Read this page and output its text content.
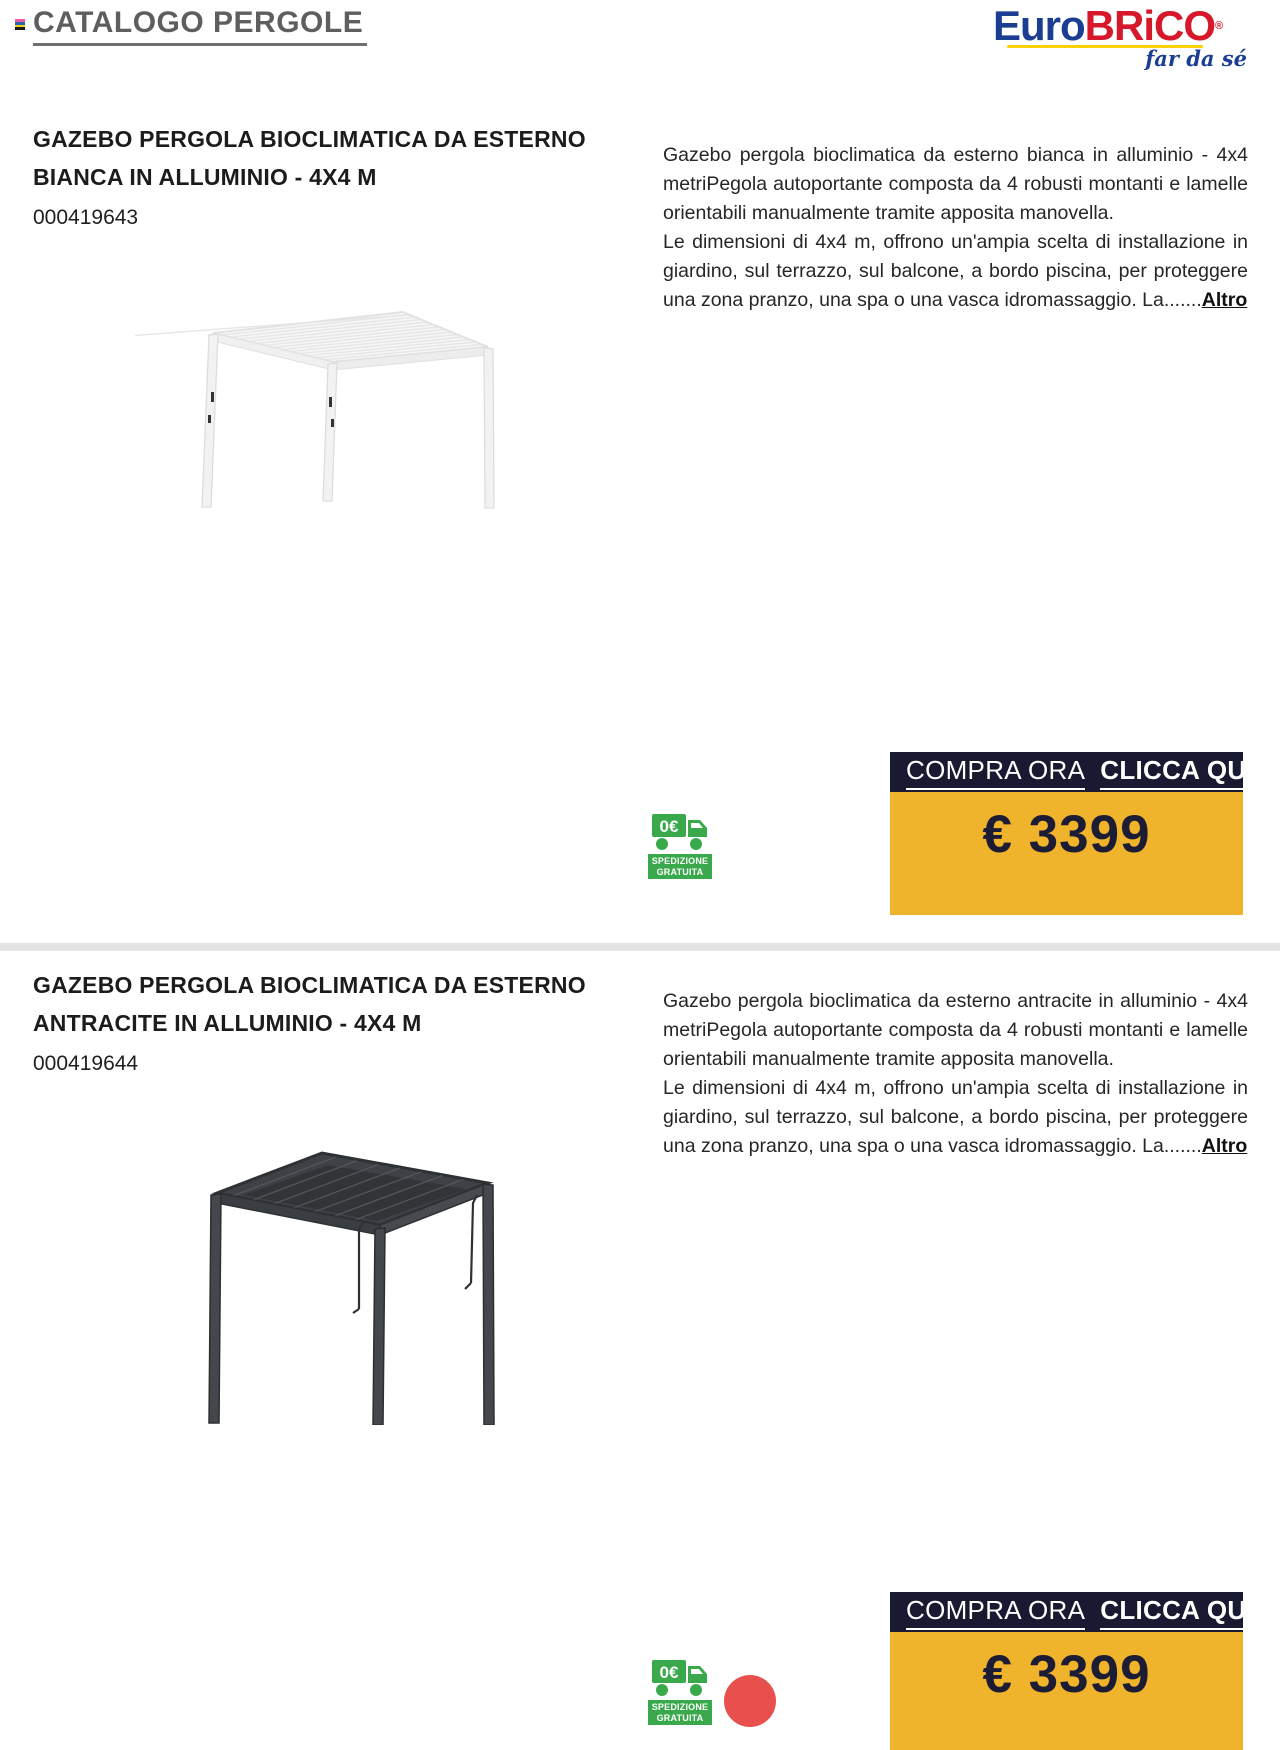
CATALOGO PERGOLE	EuroBRiCO®
far da sé
GAZEBO PERGOLA BIOCLIMATICA DA ESTERNO
BIANCA IN ALLUMINIO - 4X4 M
000419643

Gazebo pergola bioclimatica da esterno bianca in alluminio - 4x4 metriPegola autoportante composta da 4 robusti montanti e lamelle orientabili manualmente tramite apposita manovella.

Le dimensioni di 4x4 m, offrono un'ampia scelta di installazione in giardino, sul terrazzo, sul balcone, a bordo piscina, per proteggere una zona pranzo, una spa o una vasca idromassaggio. La.......Altro

0€
SPEDIZIONE
GRATUITA
COMPRA ORA CLICCA QUI
€ 3399
GAZEBO PERGOLA BIOCLIMATICA DA ESTERNO
ANTRACITE IN ALLUMINIO - 4X4 M
000419644

Gazebo pergola bioclimatica da esterno antracite in alluminio - 4x4 metriPegola autoportante composta da 4 robusti montanti e lamelle orientabili manualmente tramite apposita manovella.

Le dimensioni di 4x4 m, offrono un'ampia scelta di installazione in giardino, sul terrazzo, sul balcone, a bordo piscina, per proteggere una zona pranzo, una spa o una vasca idromassaggio. La.......Altro

0€
SPEDIZIONE
GRATUITA
COMPRA ORA CLICCA QUI
€ 3399
